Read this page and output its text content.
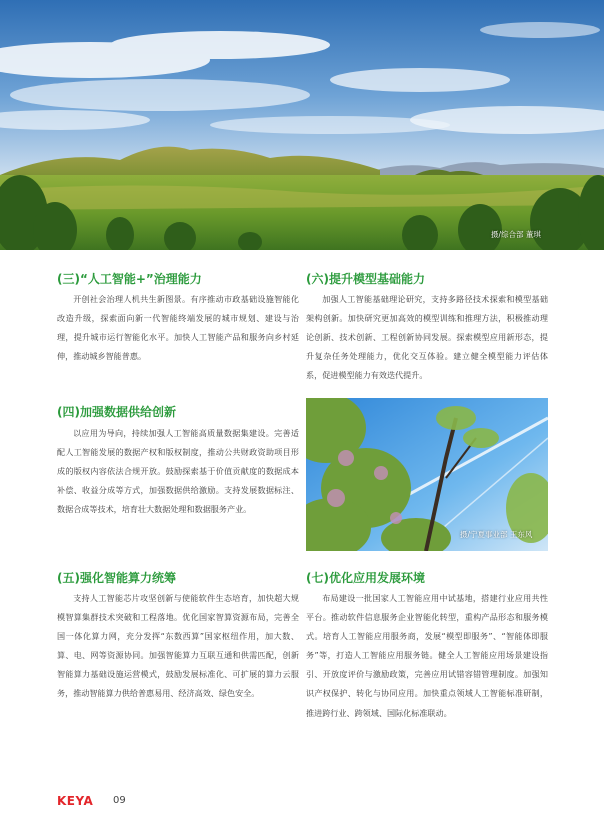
摄/综合部 董琪
(三)“人工智能+”治理能力

开创社会治理人机共生新图景。有序推动市政基础设施智能化改造升级，探索面向新一代智能终端发展的城市规划、建设与治理，提升城市运行智能化水平。加快人工智能产品和服务向乡村延伸，推动城乡智能普惠。

(四)加强数据供给创新

以应用为导向，持续加强人工智能高质量数据集建设。完善适配人工智能发展的数据产权和版权制度，推动公共财政资助项目形成的版权内容依法合规开放。鼓励探索基于价值贡献度的数据成本补偿、收益分成等方式，加强数据供给激励。支持发展数据标注、数据合成等技术，培育壮大数据处理和数据服务产业。

(五)强化智能算力统筹

支持人工智能芯片攻坚创新与使能软件生态培育，加快超大规模智算集群技术突破和工程落地。优化国家智算资源布局，完善全国一体化算力网，充分发挥“东数西算”国家枢纽作用，加大数、算、电、网等资源协同。加强智能算力互联互通和供需匹配，创新智能算力基础设施运营模式，鼓励发展标准化、可扩展的算力云服务，推动智能算力供给普惠易用、经济高效、绿色安全。

(六)提升模型基础能力

加强人工智能基础理论研究，支持多路径技术探索和模型基础架构创新。加快研究更加高效的模型训练和推理方法，积极推动理论创新、技术创新、工程创新协同发展。探索模型应用新形态，提升复杂任务处理能力，优化交互体验。建立健全模型能力评估体系，促进模型能力有效迭代提升。

摄/宁夏事业部 王东风
(七)优化应用发展环境

布局建设一批国家人工智能应用中试基地，搭建行业应用共性平台。推动软件信息服务企业智能化转型，重构产品形态和服务模式。培育人工智能应用服务商，发展“模型即服务”、“智能体即服务”等，打造人工智能应用服务链。健全人工智能应用场景建设指引、开放度评价与激励政策，完善应用试错容错管理制度。加强知识产权保护、转化与协同应用。加快重点领域人工智能标准研制，推进跨行业、跨领域、国际化标准联动。

KEYA 09
